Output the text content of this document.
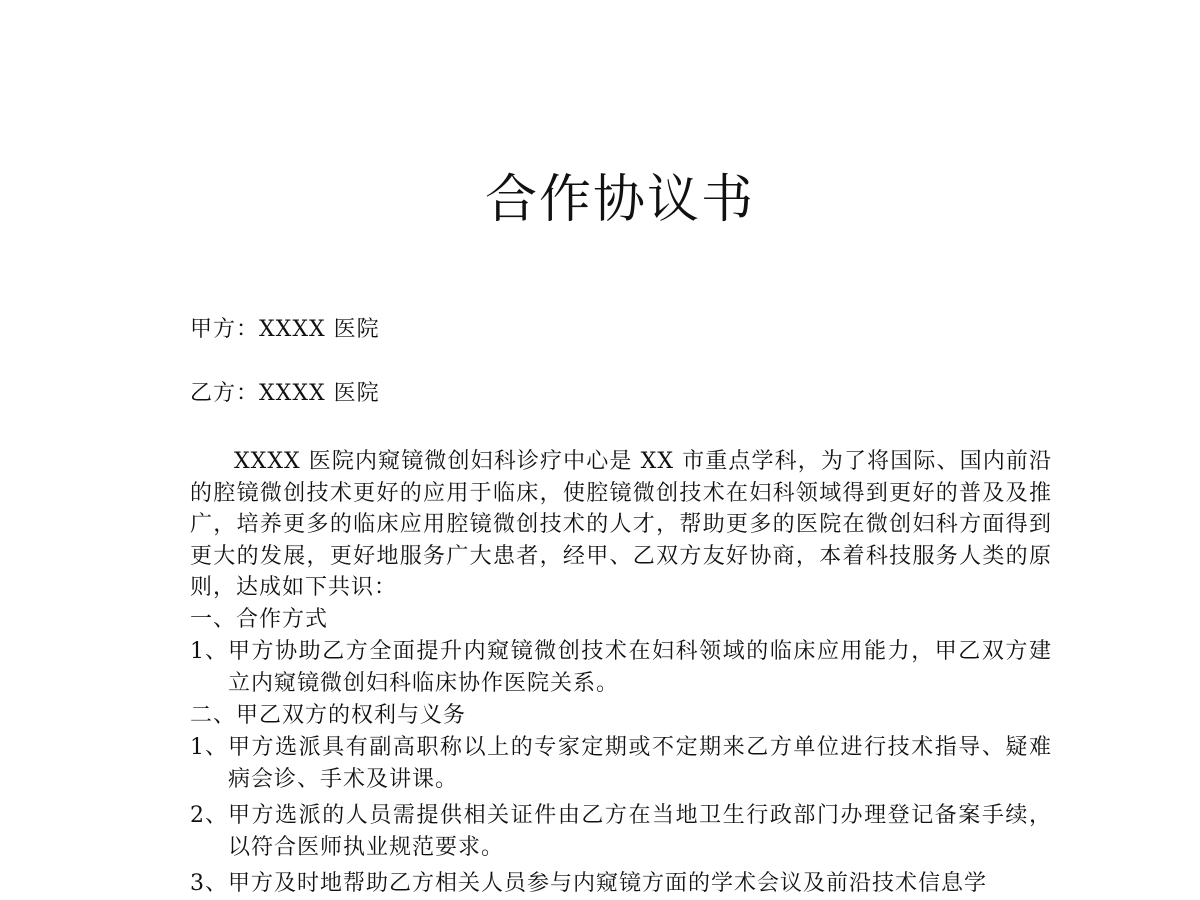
合作协议书
甲方：XXXX 医院
乙方：XXXX 医院
XXXX 医院内窥镜微创妇科诊疗中心是 XX 市重点学科，为了将国际、国内前沿的腔镜微创技术更好的应用于临床，使腔镜微创技术在妇科领域得到更好的普及及推广，培养更多的临床应用腔镜微创技术的人才，帮助更多的医院在微创妇科方面得到更大的发展，更好地服务广大患者，经甲、乙双方友好协商，本着科技服务人类的原则，达成如下共识：
一、合作方式
1、 甲方协助乙方全面提升内窥镜微创技术在妇科领域的临床应用能力，甲乙双方建立内窥镜微创妇科临床协作医院关系。
二、甲乙双方的权利与义务
1、 甲方选派具有副高职称以上的专家定期或不定期来乙方单位进行技术指导、疑难病会诊、手术及讲课。
2、 甲方选派的人员需提供相关证件由乙方在当地卫生行政部门办理登记备案手续，以符合医师执业规范要求。
3、 甲方及时地帮助乙方相关人员参与内窥镜方面的学术会议及前沿技术信息学
